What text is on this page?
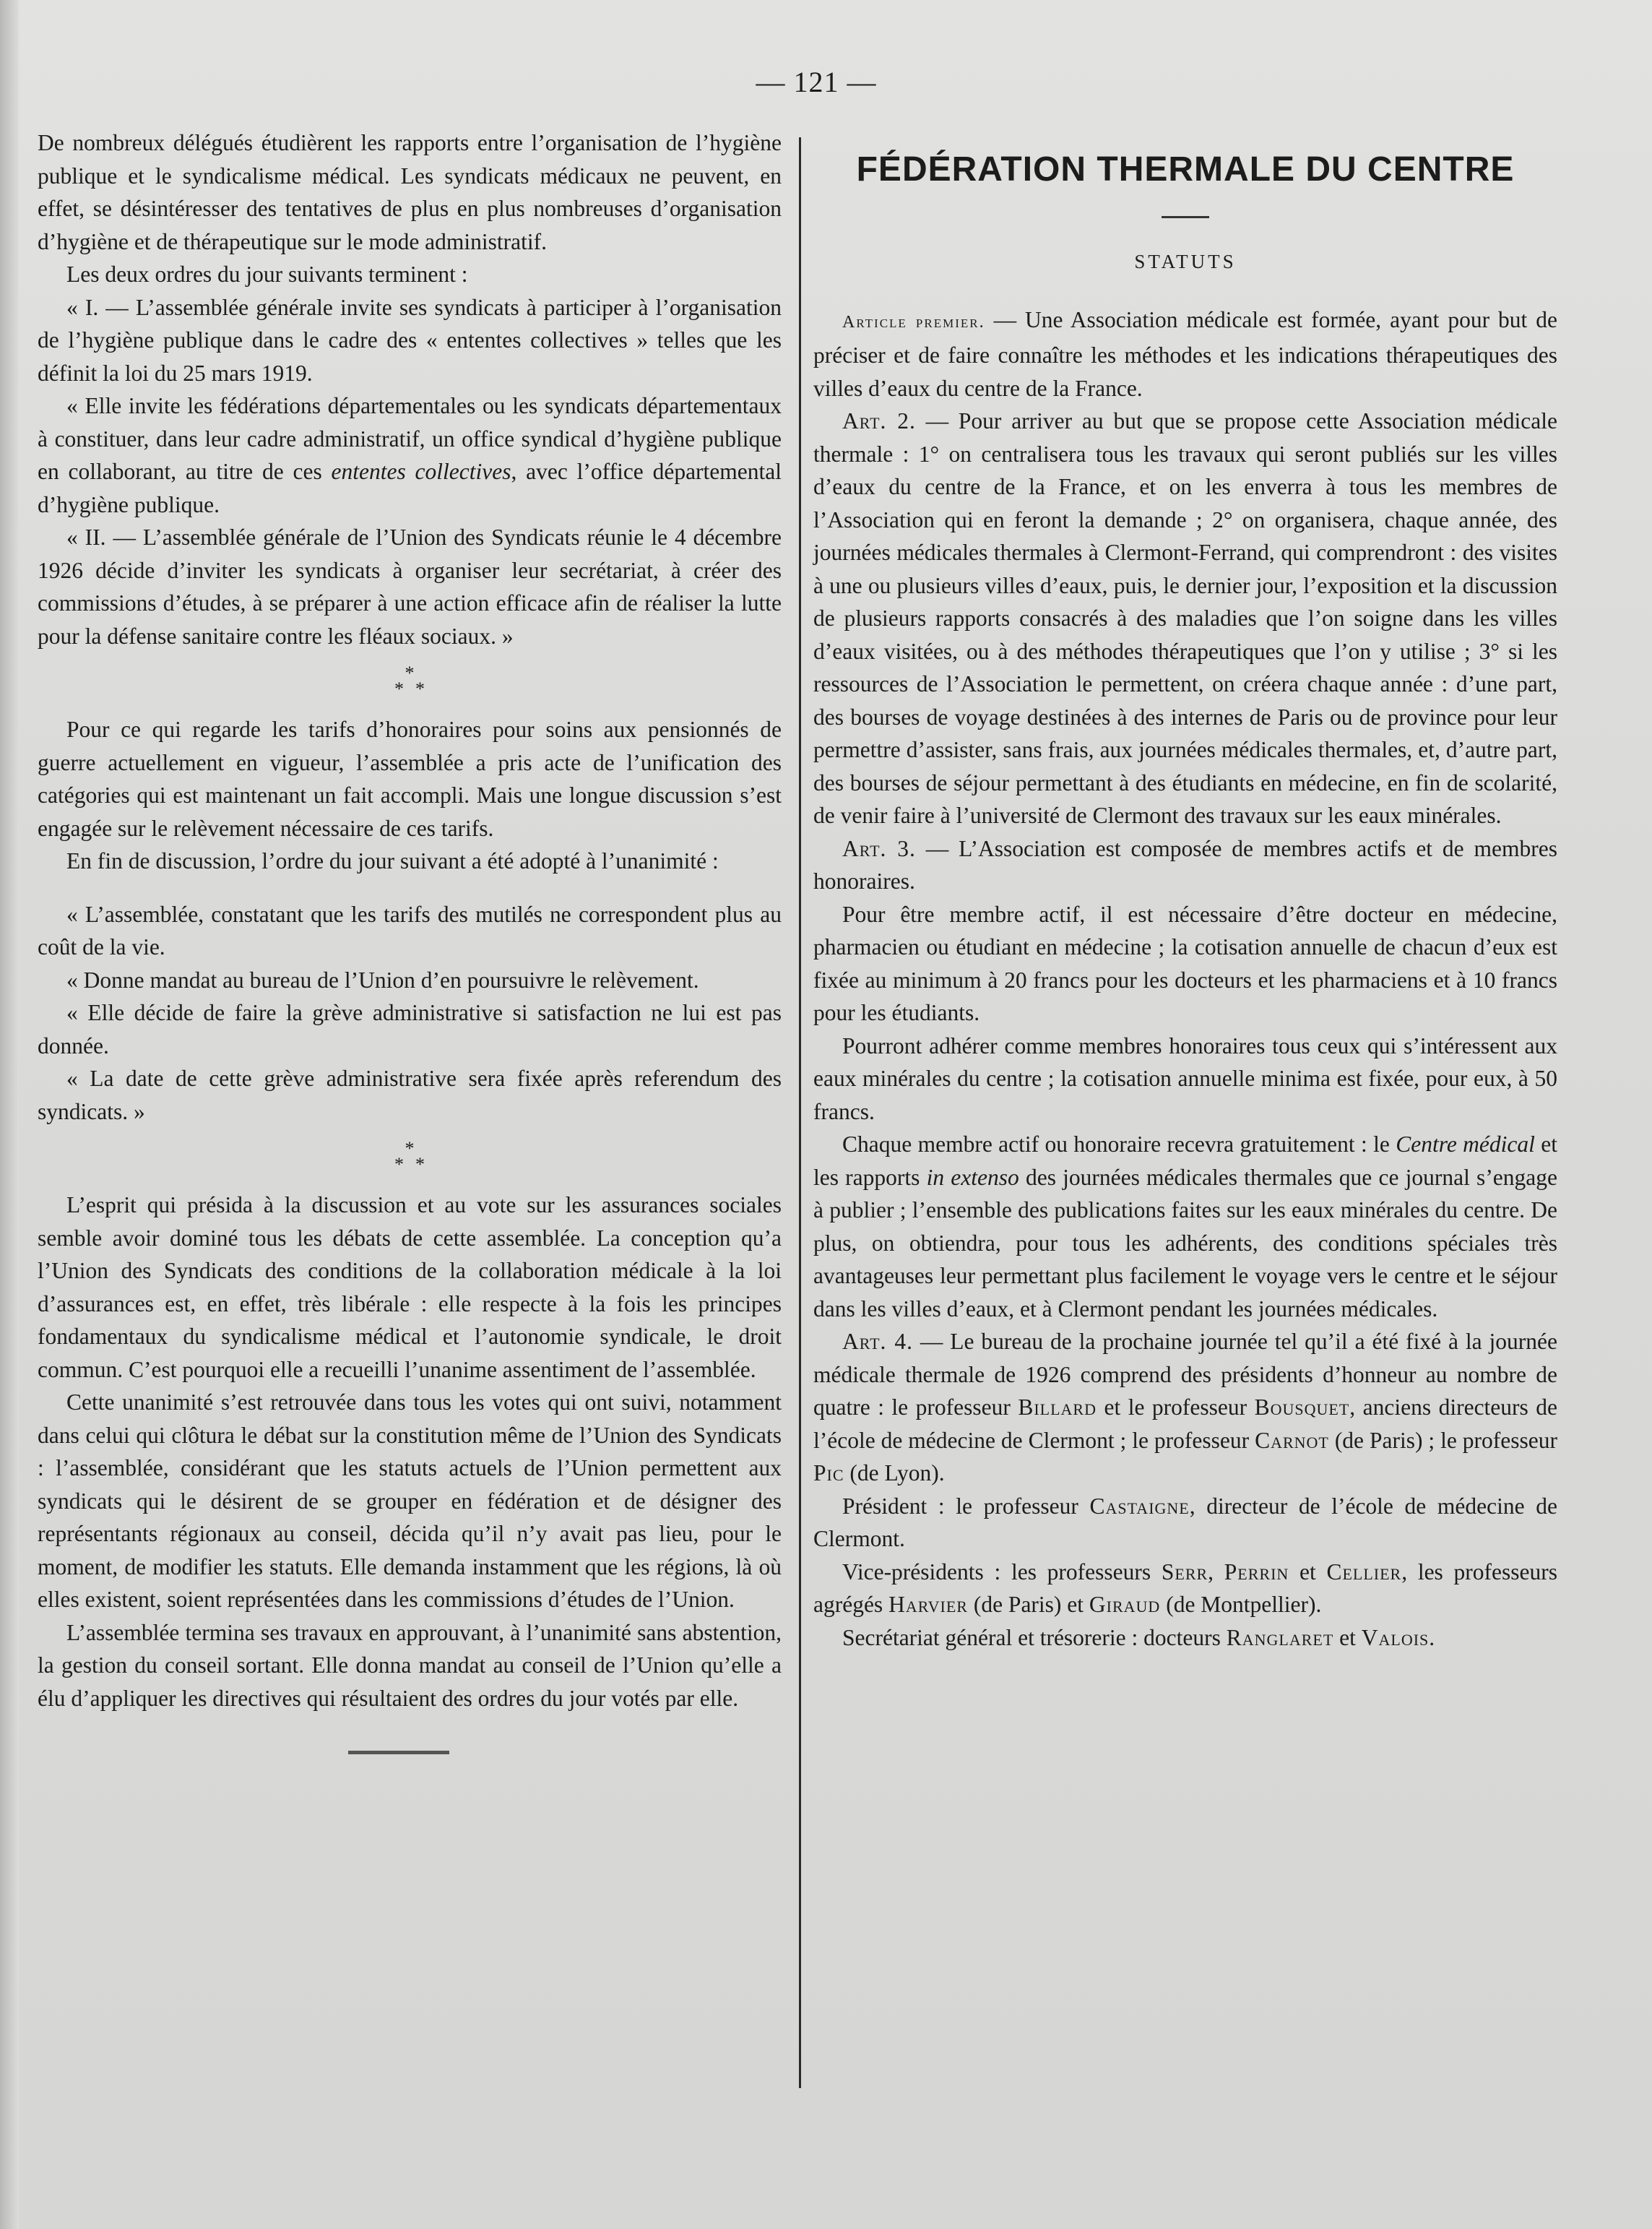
— 121 —

De nombreux délégués étudièrent les rapports entre l’organisation de l’hygiène publique et le syndicalisme médical. Les syndicats médicaux ne peuvent, en effet, se désintéresser des tentatives de plus en plus nombreuses d’organisation d’hygiène et de thérapeutique sur le mode administratif.

Les deux ordres du jour suivants terminent :

« I. — L’assemblée générale invite ses syndicats à participer à l’organisation de l’hygiène publique dans le cadre des « ententes collectives » telles que les définit la loi du 25 mars 1919.

« Elle invite les fédérations départementales ou les syndicats départementaux à constituer, dans leur cadre administratif, un office syndical d’hygiène publique en collaborant, au titre de ces ententes collectives, avec l’office départemental d’hygiène publique.

« II. — L’assemblée générale de l’Union des Syndicats réunie le 4 décembre 1926 décide d’inviter les syndicats à organiser leur secrétariat, à créer des commissions d’études, à se préparer à une action efficace afin de réaliser la lutte pour la défense sanitaire contre les fléaux sociaux. »

*
**

Pour ce qui regarde les tarifs d’honoraires pour soins aux pensionnés de guerre actuellement en vigueur, l’assemblée a pris acte de l’unification des catégories qui est maintenant un fait accompli. Mais une longue discussion s’est engagée sur le relèvement nécessaire de ces tarifs.

En fin de discussion, l’ordre du jour suivant a été adopté à l’unanimité :

« L’assemblée, constatant que les tarifs des mutilés ne correspondent plus au coût de la vie.

« Donne mandat au bureau de l’Union d’en poursuivre le relèvement.

« Elle décide de faire la grève administrative si satisfaction ne lui est pas donnée.

« La date de cette grève administrative sera fixée après referendum des syndicats. »

*
**

L’esprit qui présida à la discussion et au vote sur les assurances sociales semble avoir dominé tous les débats de cette assemblée. La conception qu’a l’Union des Syndicats des conditions de la collaboration médicale à la loi d’assurances est, en effet, très libérale : elle respecte à la fois les principes fondamentaux du syndicalisme médical et l’autonomie syndicale, le droit commun. C’est pourquoi elle a recueilli l’unanime assentiment de l’assemblée.

Cette unanimité s’est retrouvée dans tous les votes qui ont suivi, notamment dans celui qui clôtura le débat sur la constitution même de l’Union des Syndicats : l’assemblée, considérant que les statuts actuels de l’Union permettent aux syndicats qui le désirent de se grouper en fédération et de désigner des représentants régionaux au conseil, décida qu’il n’y avait pas lieu, pour le moment, de modifier les statuts. Elle demanda instamment que les régions, là où elles existent, soient représentées dans les commissions d’études de l’Union.

L’assemblée termina ses travaux en approuvant, à l’unanimité sans abstention, la gestion du conseil sortant. Elle donna mandat au conseil de l’Union qu’elle a élu d’appliquer les directives qui résultaient des ordres du jour votés par elle.

FÉDÉRATION THERMALE DU CENTRE
STATUTS

Article premier. — Une Association médicale est formée, ayant pour but de préciser et de faire connaître les méthodes et les indications thérapeutiques des villes d’eaux du centre de la France.

Art. 2. — Pour arriver au but que se propose cette Association médicale thermale : 1° on centralisera tous les travaux qui seront publiés sur les villes d’eaux du centre de la France, et on les enverra à tous les membres de l’Association qui en feront la demande ; 2° on organisera, chaque année, des journées médicales thermales à Clermont-Ferrand, qui comprendront : des visites à une ou plusieurs villes d’eaux, puis, le dernier jour, l’exposition et la discussion de plusieurs rapports consacrés à des maladies que l’on soigne dans les villes d’eaux visitées, ou à des méthodes thérapeutiques que l’on y utilise ; 3° si les ressources de l’Association le permettent, on créera chaque année : d’une part, des bourses de voyage destinées à des internes de Paris ou de province pour leur permettre d’assister, sans frais, aux journées médicales thermales, et, d’autre part, des bourses de séjour permettant à des étudiants en médecine, en fin de scolarité, de venir faire à l’université de Clermont des travaux sur les eaux minérales.

Art. 3. — L’Association est composée de membres actifs et de membres honoraires.

Pour être membre actif, il est nécessaire d’être docteur en médecine, pharmacien ou étudiant en médecine ; la cotisation annuelle de chacun d’eux est fixée au minimum à 20 francs pour les docteurs et les pharmaciens et à 10 francs pour les étudiants.

Pourront adhérer comme membres honoraires tous ceux qui s’intéressent aux eaux minérales du centre ; la cotisation annuelle minima est fixée, pour eux, à 50 francs.

Chaque membre actif ou honoraire recevra gratuitement : le Centre médical et les rapports in extenso des journées médicales thermales que ce journal s’engage à publier ; l’ensemble des publications faites sur les eaux minérales du centre. De plus, on obtiendra, pour tous les adhérents, des conditions spéciales très avantageuses leur permettant plus facilement le voyage vers le centre et le séjour dans les villes d’eaux, et à Clermont pendant les journées médicales.

Art. 4. — Le bureau de la prochaine journée tel qu’il a été fixé à la journée médicale thermale de 1926 comprend des présidents d’honneur au nombre de quatre : le professeur Billard et le professeur Bousquet, anciens directeurs de l’école de médecine de Clermont ; le professeur Carnot (de Paris) ; le professeur Pic (de Lyon).

Président : le professeur Castaigne, directeur de l’école de médecine de Clermont.

Vice-présidents : les professeurs Serr, Perrin et Cellier, les professeurs agrégés Harvier (de Paris) et Giraud (de Montpellier).

Secrétariat général et trésorerie : docteurs Ranglaret et Valois.
